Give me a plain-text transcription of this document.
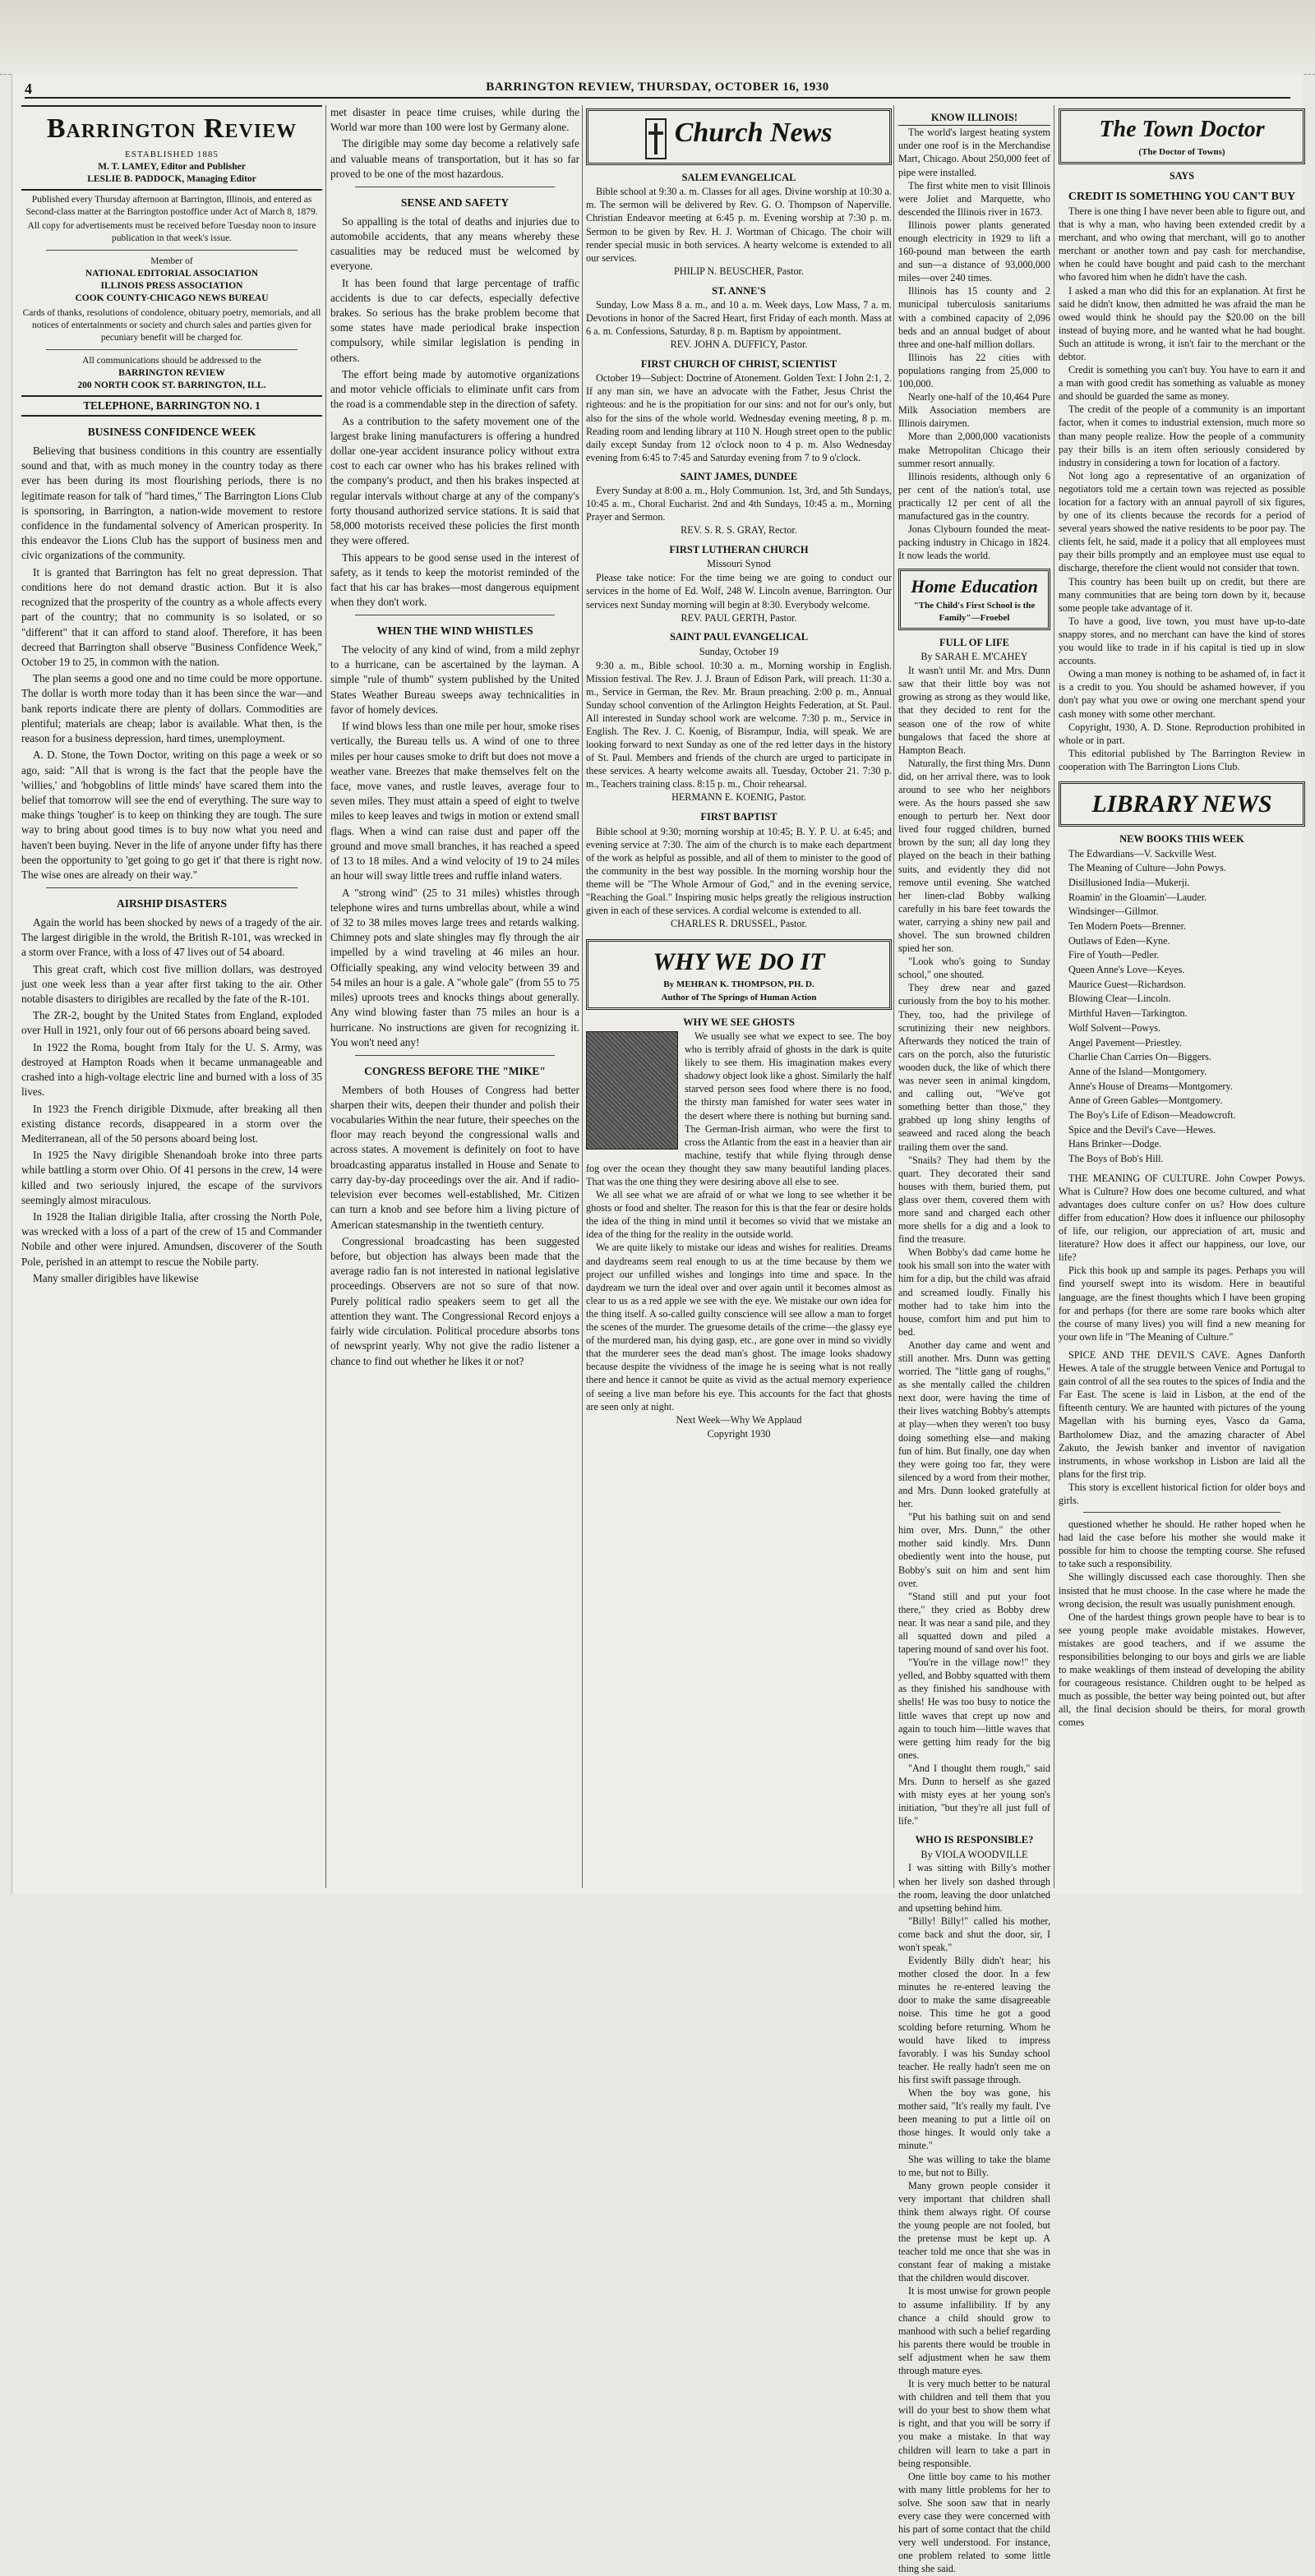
4	BARRINGTON REVIEW, THURSDAY, OCTOBER 16, 1930
Barrington Review
ESTABLISHED 1885
M. T. LAMEY, Editor and Publisher
LESLIE B. PADDOCK, Managing Editor

Published every Thursday afternoon at Barrington, Illinois, and entered as Second-class matter at the Barrington postoffice under Act of March 8, 1879.

All copy for advertisements must be received before Tuesday noon to insure publication in that week's issue.

Member of
NATIONAL EDITORIAL ASSOCIATION
ILLINOIS PRESS ASSOCIATION
COOK COUNTY-CHICAGO NEWS BUREAU

Cards of thanks, resolutions of condolence, obituary poetry, memorials, and all notices of entertainments or society and church sales and parties given for pecuniary benefit will be charged for.

All communications should be addressed to the
BARRINGTON REVIEW
200 NORTH COOK ST. BARRINGTON, ILL.
TELEPHONE, BARRINGTON NO. 1
BUSINESS CONFIDENCE WEEK

Believing that business conditions in this country are essentially sound and that, with as much money in the country today as there ever has been during its most flourishing periods, there is no legitimate reason for talk of "hard times," The Barrington Lions Club is sponsoring, in Barrington, a nation-wide movement to restore confidence in the fundamental solvency of American prosperity. In this endeavor the Lions Club has the support of business men and civic organizations of the community.

It is granted that Barrington has felt no great depression. That conditions here do not demand drastic action. But it is also recognized that the prosperity of the country as a whole affects every part of the country; that no community is so isolated, or so "different" that it can afford to stand aloof. Therefore, it has been decreed that Barrington shall observe "Business Confidence Week," October 19 to 25, in common with the nation.

The plan seems a good one and no time could be more opportune. The dollar is worth more today than it has been since the war—and bank reports indicate there are plenty of dollars. Commodities are plentiful; materials are cheap; labor is available. What then, is the reason for a business depression, hard times, unemployment.

A. D. Stone, the Town Doctor, writing on this page a week or so ago, said: "All that is wrong is the fact that the people have the 'willies,' and 'hobgoblins of little minds' have scared them into the belief that tomorrow will see the end of everything. The sure way to make things 'tougher' is to keep on thinking they are tough. The sure way to bring about good times is to buy now what you need and haven't been buying. Never in the life of anyone under fifty has there been the opportunity to 'get going to go get it' that there is right now. The wise ones are already on their way."

AIRSHIP DISASTERS

Again the world has been shocked by news of a tragedy of the air. The largest dirigible in the wrold, the British R-101, was wrecked in a storm over France, with a loss of 47 lives out of 54 aboard.

This great craft, which cost five million dollars, was destroyed just one week less than a year after first taking to the air. Other notable disasters to dirigibles are recalled by the fate of the R-101.

The ZR-2, bought by the United States from England, exploded over Hull in 1921, only four out of 66 persons aboard being saved.

In 1922 the Roma, bought from Italy for the U. S. Army, was destroyed at Hampton Roads when it became unmanageable and crashed into a high-voltage electric line and burned with a loss of 35 lives.

In 1923 the French dirigible Dixmude, after breaking all then existing distance records, disappeared in a storm over the Mediterranean, all of the 50 persons aboard being lost.

In 1925 the Navy dirigible Shenandoah broke into three parts while battling a storm over Ohio. Of 41 persons in the crew, 14 were killed and two seriously injured, the escape of the survivors seemingly almost miraculous.

In 1928 the Italian dirigible Italia, after crossing the North Pole, was wrecked with a loss of a part of the crew of 15 and Commander Nobile and other were injured. Amundsen, discoverer of the South Pole, perished in an attempt to rescue the Nobile party.

Many smaller dirigibles have likewise

met disaster in peace time cruises, while during the World war more than 100 were lost by Germany alone.

The dirigible may some day become a relatively safe and valuable means of transportation, but it has so far proved to be one of the most hazardous.

SENSE AND SAFETY

So appalling is the total of deaths and injuries due to automobile accidents, that any means whereby these casualities may be reduced must be welcomed by everyone.

It has been found that large percentage of traffic accidents is due to car defects, especially defective brakes. So serious has the brake problem become that some states have made periodical brake inspection compulsory, while similar legislation is pending in others.

The effort being made by automotive organizations and motor vehicle officials to eliminate unfit cars from the road is a commendable step in the direction of safety.

As a contribution to the safety movement one of the largest brake lining manufacturers is offering a hundred dollar one-year accident insurance policy without extra cost to each car owner who has his brakes relined with the company's product, and then his brakes inspected at regular intervals without charge at any of the company's forty thousand authorized service stations. It is said that 58,000 motorists received these policies the first month they were offered.

This appears to be good sense used in the interest of safety, as it tends to keep the motorist reminded of the fact that his car has brakes—most dangerous equipment when they don't work.

WHEN THE WIND WHISTLES

The velocity of any kind of wind, from a mild zephyr to a hurricane, can be ascertained by the layman. A simple "rule of thumb" system published by the United States Weather Bureau sweeps away technicalities in favor of homely devices.

If wind blows less than one mile per hour, smoke rises vertically, the Bureau tells us. A wind of one to three miles per hour causes smoke to drift but does not move a weather vane. Breezes that make themselves felt on the face, move vanes, and rustle leaves, average four to seven miles. They must attain a speed of eight to twelve miles to keep leaves and twigs in motion or extend small flags. When a wind can raise dust and paper off the ground and move small branches, it has reached a speed of 13 to 18 miles. And a wind velocity of 19 to 24 miles an hour will sway little trees and ruffle inland waters.

A "strong wind" (25 to 31 miles) whistles through telephone wires and turns umbrellas about, while a wind of 32 to 38 miles moves large trees and retards walking. Chimney pots and slate shingles may fly through the air impelled by a wind traveling at 46 miles an hour. Officially speaking, any wind velocity between 39 and 54 miles an hour is a gale. A "whole gale" (from 55 to 75 miles) uproots trees and knocks things about generally. Any wind blowing faster than 75 miles an hour is a hurricane. No instructions are given for recognizing it. You won't need any!

CONGRESS BEFORE THE "MIKE"

Members of both Houses of Congress had better sharpen their wits, deepen their thunder and polish their vocabularies Within the near future, their speeches on the floor may reach beyond the congressional walls and across states. A movement is definitely on foot to have broadcasting apparatus installed in House and Senate to carry day-by-day proceedings over the air. And if radio-television ever becomes well-established, Mr. Citizen can turn a knob and see before him a living picture of American statesmanship in the twentieth century.

Congressional broadcasting has been suggested before, but objection has always been made that the average radio fan is not interested in national legislative proceedings. Observers are not so sure of that now. Purely political radio speakers seem to get all the attention they want. The Congressional Record enjoys a fairly wide circulation. Political procedure absorbs tons of newsprint yearly. Why not give the radio listener a chance to find out whether he likes it or not?

Church News
SALEM EVANGELICAL
Bible school at 9:30 a. m. Classes for all ages. Divine worship at 10:30 a. m. The sermon will be delivered by Rev. G. O. Thompson of Naperville. Christian Endeavor meeting at 6:45 p. m. Evening worship at 7:30 p. m. Sermon to be given by Rev. H. J. Wortman of Chicago. The choir will render special music in both services. A hearty welcome is extended to all our services.
PHILIP N. BEUSCHER, Pastor.
ST. ANNE'S
Sunday, Low Mass 8 a. m., and 10 a. m. Week days, Low Mass, 7 a. m. Devotions in honor of the Sacred Heart, first Friday of each month. Mass at 6 a. m. Confessions, Saturday, 8 p. m. Baptism by appointment.
REV. JOHN A. DUFFICY, Pastor.
FIRST CHURCH OF CHRIST, SCIENTIST
October 19—Subject: Doctrine of Atonement. Golden Text: I John 2:1, 2. If any man sin, we have an advocate with the Father, Jesus Christ the righteous: and he is the propitiation for our sins: and not for our's only, but also for the sins of the whole world. Wednesday evening meeting, 8 p. m. Reading room and lending library at 110 N. Hough street open to the public daily except Sunday from 12 o'clock noon to 4 p. m. Also Wednesday evening from 6:45 to 7:45 and Saturday evening from 7 to 9 o'clock.
SAINT JAMES, DUNDEE
Every Sunday at 8:00 a. m., Holy Communion. 1st, 3rd, and 5th Sundays, 10:45 a. m., Choral Eucharist. 2nd and 4th Sundays, 10:45 a. m., Morning Prayer and Sermon.
REV. S. R. S. GRAY, Rector.
FIRST LUTHERAN CHURCH
Missouri Synod
Please take notice: For the time being we are going to conduct our services in the home of Ed. Wolf, 248 W. Lincoln avenue, Barrington. Our services next Sunday morning will begin at 8:30. Everybody welcome.
REV. PAUL GERTH, Pastor.
SAINT PAUL EVANGELICAL
Sunday, October 19
9:30 a. m., Bible school. 10:30 a. m., Morning worship in English. Mission festival. The Rev. J. J. Braun of Edison Park, will preach. 11:30 a. m., Service in German, the Rev. Mr. Braun preaching. 2:00 p. m., Annual Sunday school convention of the Arlington Heights Federation, at St. Paul. All interested in Sunday school work are welcome. 7:30 p. m., Service in English. The Rev. J. C. Koenig, of Bisrampur, India, will speak. We are looking forward to next Sunday as one of the red letter days in the history of St. Paul. Members and friends of the church are urged to participate in these services. A hearty welcome awaits all. Tuesday, October 21. 7:30 p. m., Teachers training class. 8:15 p. m., Choir rehearsal.
HERMANN E. KOENIG, Pastor.
FIRST BAPTIST
Bible school at 9:30; morning worship at 10:45; B. Y. P. U. at 6:45; and evening service at 7:30. The aim of the church is to make each department of the work as helpful as possible, and all of them to minister to the good of the community in the best way possible. In the morning worship hour the theme will be "The Whole Armour of God," and in the evening service, "Reaching the Goal." Inspiring music helps greatly the religious instruction given in each of these services. A cordial welcome is extended to all.
CHARLES R. DRUSSEL, Pastor.
WHY WE DO IT
By MEHRAN K. THOMPSON, PH. D.
Author of The Springs of Human Action
WHY WE SEE GHOSTS
We usually see what we expect to see. The boy who is terribly afraid of ghosts in the dark is quite likely to see them. His imagination makes every shadowy object look like a ghost. Similarly the half starved person sees food where there is no food, the thirsty man famished for water sees water in the desert where there is nothing but burning sand. The German-Irish airman, who were the first to cross the Atlantic from the east in a heavier than air machine, testify that while flying through dense fog over the ocean they thought they saw many beautiful landing places. That was the one thing they were desiring above all else to see.
We all see what we are afraid of or what we long to see whether it be ghosts or food and shelter. The reason for this is that the fear or desire holds the idea of the thing in mind until it becomes so vivid that we mistake an idea of the thing for the reality in the outside world.
We are quite likely to mistake our ideas and wishes for realities. Dreams and daydreams seem real enough to us at the time because by them we project our unfilled wishes and longings into time and space. In the daydream we turn the ideal over and over again until it becomes almost as clear to us as a red apple we see with the eye. We mistake our own idea for the thing itself. A so-called guilty conscience will see allow a man to forget the scenes of the murder. The gruesome details of the crime—the glassy eye of the murdered man, his dying gasp, etc., are gone over in mind so vividly that the murderer sees the dead man's ghost. The image looks shadowy because despite the vividness of the image he is seeing what is not really there and hence it cannot be quite as vivid as the actual memory experience of seeing a live man before his eye. This accounts for the fact that ghosts are seen only at night.
Next Week—Why We Applaud
Copyright 1930
KNOW ILLINOIS!
The world's largest heating system under one roof is in the Merchandise Mart, Chicago. About 250,000 feet of pipe were installed.
The first white men to visit Illinois were Joliet and Marquette, who descended the Illinois river in 1673.
Illinois power plants generated enough electricity in 1929 to lift a 160-pound man between the earth and sun—a distance of 93,000,000 miles—over 240 times.
Illinois has 15 county and 2 municipal tuberculosis sanitariums with a combined capacity of 2,096 beds and an annual budget of about three and one-half million dollars.
Illinois has 22 cities with populations ranging from 25,000 to 100,000.
Nearly one-half of the 10,464 Pure Milk Association members are Illinois dairymen.
More than 2,000,000 vacationists make Metropolitan Chicago their summer resort annually.
Illinois residents, although only 6 per cent of the nation's total, use practically 12 per cent of all the manufactured gas in the country.
Jonas Clybourn founded the meat-packing industry in Chicago in 1824. It now leads the world.
Home Education
"The Child's First School is the Family"—Froebel
FULL OF LIFE
By SARAH E. M'CAHEY
It wasn't until Mr. and Mrs. Dunn saw that their little boy was not growing as strong as they would like, that they decided to rent for the season one of the row of white bungalows that faced the shore at Hampton Beach.
Naturally, the first thing Mrs. Dunn did, on her arrival there, was to look around to see who her neighbors were. As the hours passed she saw enough to perturb her. Next door lived four rugged children, burned brown by the sun; all day long they played on the beach in their bathing suits, and evidently they did not remove until evening. She watched her linen-clad Bobby walking carefully in his bare feet towards the water, carrying a shiny new pail and shovel. The sun browned children spied her son.
"Look who's going to Sunday school," one shouted.
They drew near and gazed curiously from the boy to his mother. They, too, had the privilege of scrutinizing their new neighbors. Afterwards they noticed the train of cars on the porch, also the futuristic wooden duck, the like of which there was never seen in animal kingdom, and calling out, "We've got something better than those," they grabbed up long shiny lengths of seaweed and raced along the beach trailing them over the sand.
"Snails? They had them by the quart. They decorated their sand houses with them, buried them, put glass over them, covered them with more sand and charged each other more shells for a dig and a look to find the treasure.
When Bobby's dad came home he took his small son into the water with him for a dip, but the child was afraid and screamed loudly. Finally his mother had to take him into the house, comfort him and put him to bed.
Another day came and went and still another. Mrs. Dunn was getting worried. The "little gang of roughs," as she mentally called the children next door, were having the time of their lives watching Bobby's attempts at play—when they weren't too busy doing something else—and making fun of him. But finally, one day when they were going too far, they were silenced by a word from their mother, and Mrs. Dunn looked gratefully at her.
"Put his bathing suit on and send him over, Mrs. Dunn," the other mother said kindly. Mrs. Dunn obediently went into the house, put Bobby's suit on him and sent him over.
"Stand still and put your foot there," they cried as Bobby drew near. It was near a sand pile, and they all squatted down and piled a tapering mound of sand over his foot.
"You're in the village now!" they yelled, and Bobby squatted with them as they finished his sandhouse with shells! He was too busy to notice the little waves that crept up now and again to touch him—little waves that were getting him ready for the big ones.
"And I thought them rough," said Mrs. Dunn to herself as she gazed with misty eyes at her young son's initiation, "but they're all just full of life."
WHO IS RESPONSIBLE?
By VIOLA WOODVILLE
I was sitting with Billy's mother when her lively son dashed through the room, leaving the door unlatched and upsetting behind him.
"Billy! Billy!" called his mother, come back and shut the door, sir, I won't speak."
Evidently Billy didn't hear; his mother closed the door. In a few minutes he re-entered leaving the door to make the same disagreeable noise. This time he got a good scolding before returning. Whom he would have liked to impress favorably. I was his Sunday school teacher. He really hadn't seen me on his first swift passage through.
When the boy was gone, his mother said, "It's really my fault. I've been meaning to put a little oil on those hinges. It would only take a minute."
She was willing to take the blame to me, but not to Billy.
Many grown people consider it very important that children shall think them always right. Of course the young people are not fooled, but the pretense must be kept up. A teacher told me once that she was in constant fear of making a mistake that the children would discover.
It is most unwise for grown people to assume infallibility. If by any chance a child should grow to manhood with such a belief regarding his parents there would be trouble in self adjustment when he saw them through mature eyes.
It is very much better to be natural with children and tell them that you will do your best to show them what is right, and that you will be sorry if you make a mistake. In that way children will learn to take a part in being responsible.
One little boy came to his mother with many little problems for her to solve. She soon saw that in nearly every case they were concerned with his part of some contact that the child very well understood. For instance, one problem related to some little thing she said.
The Town Doctor
(The Doctor of Towns)
SAYS
CREDIT IS SOMETHING YOU CAN'T BUY
There is one thing I have never been able to figure out, and that is why a man, who having been extended credit by a merchant, and who owing that merchant, will go to another merchant or another town and pay cash for merchandise, when he could have bought and paid cash to the merchant who favored him when he didn't have the cash.
I asked a man who did this for an explanation. At first he said he didn't know, then admitted he was afraid the man he owed would think he should pay the $20.00 on the bill instead of buying more, and he wanted what he had bought. Such an attitude is wrong, it isn't fair to the merchant or the debtor.
Credit is something you can't buy. You have to earn it and a man with good credit has something as valuable as money and should be guarded the same as money.
The credit of the people of a community is an important factor, when it comes to industrial extension, much more so than many people realize. How the people of a community pay their bills is an item often seriously considered by industry in considering a town for location of a factory.
Not long ago a representative of an organization of negotiators told me a certain town was rejected as possible location for a factory with an annual payroll of six figures, by one of its clients because the records for a period of several years showed the native residents to be poor pay. The clients felt, he said, made it a policy that all employees must pay their bills promptly and an employee must use equal to discharge, therefore the client would not consider that town.
This country has been built up on credit, but there are many communities that are being torn down by it, because some people take advantage of it.
To have a good, live town, you must have up-to-date snappy stores, and no merchant can have the kind of stores you would like to trade in if his capital is tied up in slow accounts.
Owing a man money is nothing to be ashamed of, in fact it is a credit to you. You should be ashamed however, if you don't pay what you owe or owing one merchant spend your cash money with some other merchant.
Copyright, 1930, A. D. Stone. Reproduction prohibited in whole or in part.
This editorial published by The Barrington Review in cooperation with The Barrington Lions Club.
LIBRARY NEWS
NEW BOOKS THIS WEEK
The Edwardians—V. Sackville West.
The Meaning of Culture—John Powys.
Disillusioned India—Mukerji.
Roamin' in the Gloamin'—Lauder.
Windsinger—Gillmor.
Ten Modern Poets—Brenner.
Outlaws of Eden—Kyne.
Fire of Youth—Pedler.
Queen Anne's Love—Keyes.
Maurice Guest—Richardson.
Blowing Clear—Lincoln.
Mirthful Haven—Tarkington.
Wolf Solvent—Powys.
Angel Pavement—Priestley.
Charlie Chan Carries On—Biggers.
Anne of the Island—Montgomery.
Anne's House of Dreams—Montgomery.
Anne of Green Gables—Montgomery.
The Boy's Life of Edison—Meadowcroft.
Spice and the Devil's Cave—Hewes.
Hans Brinker—Dodge.
The Boys of Bob's Hill.
THE MEANING OF CULTURE. John Cowper Powys. What is Culture? How does one become cultured, and what advantages does culture confer on us? How does culture differ from education? How does it influence our philosophy of life, our religion, our appreciation of art, music and literature? How does it affect our happiness, our love, our life?
Pick this book up and sample its pages. Perhaps you will find yourself swept into its wisdom. Here in beautiful language, are the finest thoughts which I have been groping for and perhaps (for there are some rare books which alter the course of many lives) you will find a new meaning for your own life in "The Meaning of Culture."
SPICE AND THE DEVIL'S CAVE. Agnes Danforth Hewes. A tale of the struggle between Venice and Portugal to gain control of all the sea routes to the spices of India and the Far East. The scene is laid in Lisbon, at the end of the fifteenth century. We are haunted with pictures of the young Magellan with his burning eyes, Vasco da Gama, Bartholomew Diaz, and the amazing character of Abel Zakuto, the Jewish banker and inventor of navigation instruments, in whose workshop in Lisbon are laid all the plans for the first trip.
This story is excellent historical fiction for older boys and girls.
questioned whether he should. He rather hoped when he had laid the case before his mother she would make it possible for him to choose the tempting course. She refused to take such a responsibility.
She willingly discussed each case thoroughly. Then she insisted that he must choose. In the case where he made the wrong decision, the result was usually punishment enough.
One of the hardest things grown people have to bear is to see young people make avoidable mistakes. However, mistakes are good teachers, and if we assume the responsibilities belonging to our boys and girls we are liable to make weaklings of them instead of developing the ability for courageous resistance. Children ought to be helped as much as possible, the better way being pointed out, but after all, the final decision should be theirs, for moral growth comes
